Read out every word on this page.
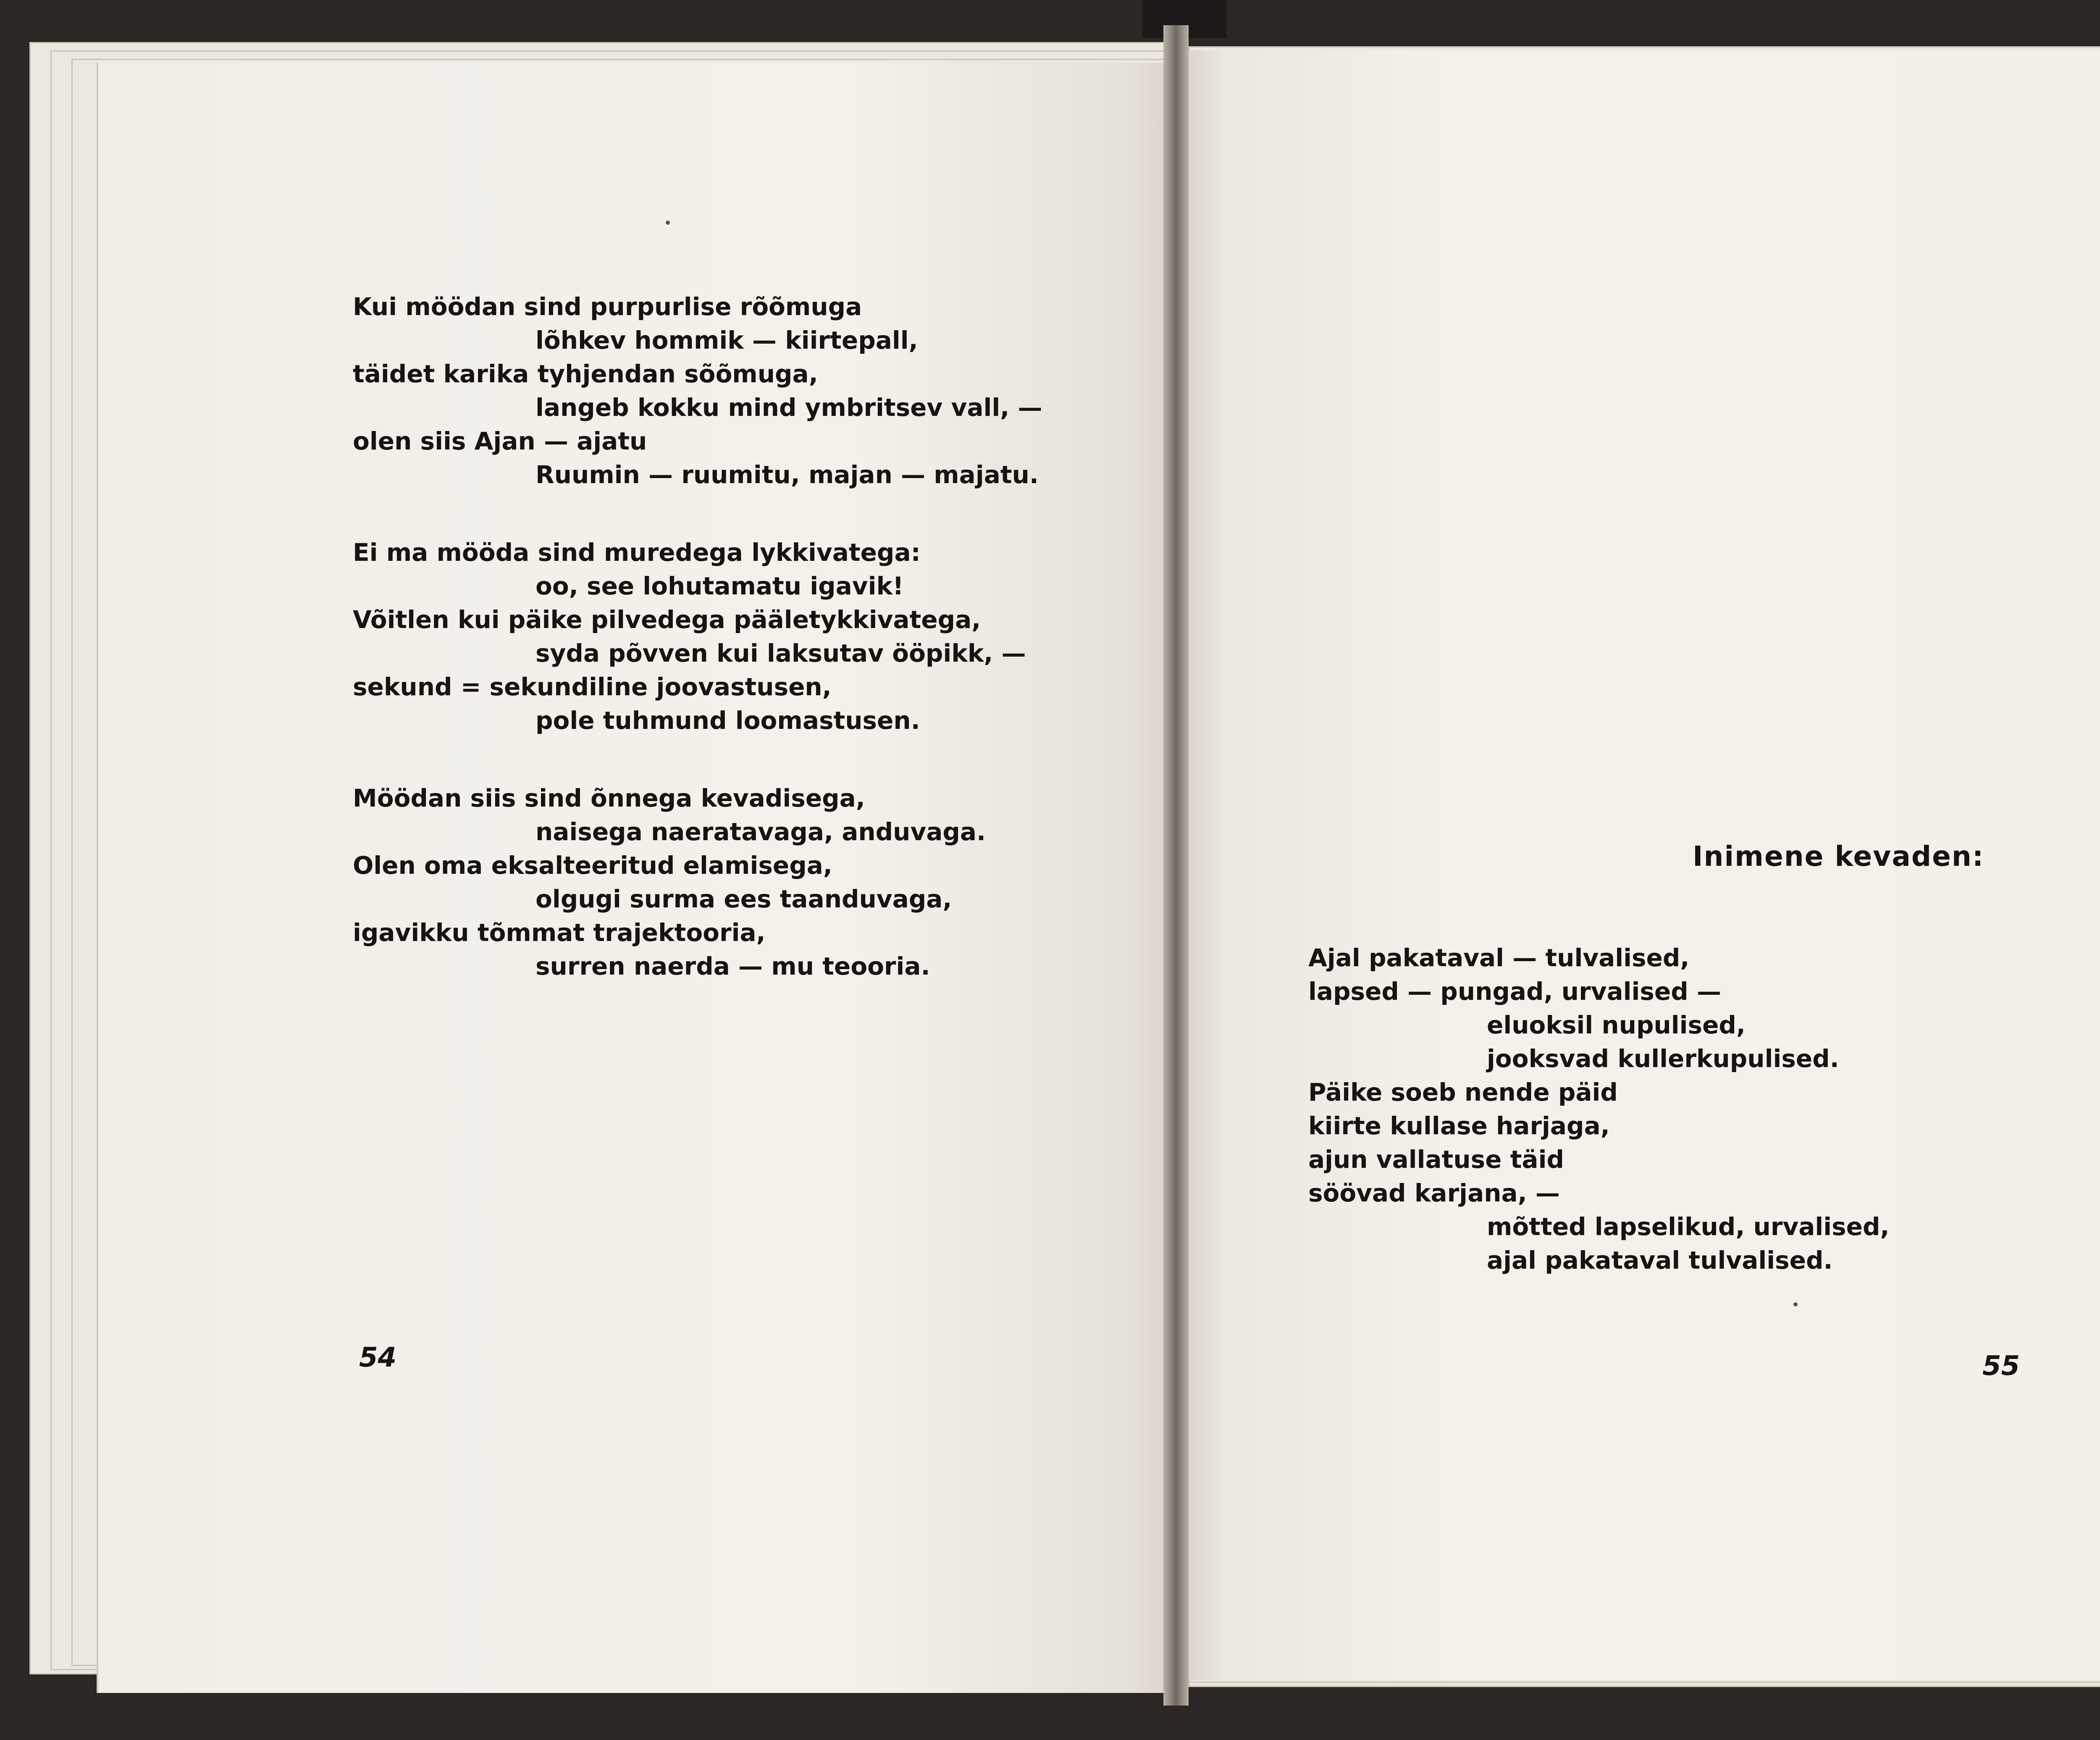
Kui möödan sind purpurlise rõõmuga
lõhkev hommik — kiirtepall,
täidet karika tyhjendan sõõmuga,
langeb kokku mind ymbritsev vall, —
olen siis Ajan — ajatu
Ruumin — ruumitu, majan — majatu.
Ei ma mööda sind muredega lykkivatega:
oo, see lohutamatu igavik!
Võitlen kui päike pilvedega pääletykkivatega,
syda põvven kui laksutav ööpikk, —
sekund = sekundiline joovastusen,
pole tuhmund loomastusen.
Möödan siis sind õnnega kevadisega,
naisega naeratavaga, anduvaga.
Olen oma eksalteeritud elamisega,
olgugi surma ees taanduvaga,
igavikku tõmmat trajektooria,
surren naerda — mu teooria.
54
Inimene kevaden:
Ajal pakataval — tulvalised,
lapsed — pungad, urvalised —
eluoksil nupulised,
jooksvad kullerkupulised.
Päike soeb nende päid
kiirte kullase harjaga,
ajun vallatuse täid
söövad karjana, —
mõtted lapselikud, urvalised,
ajal pakataval tulvalised.
55
